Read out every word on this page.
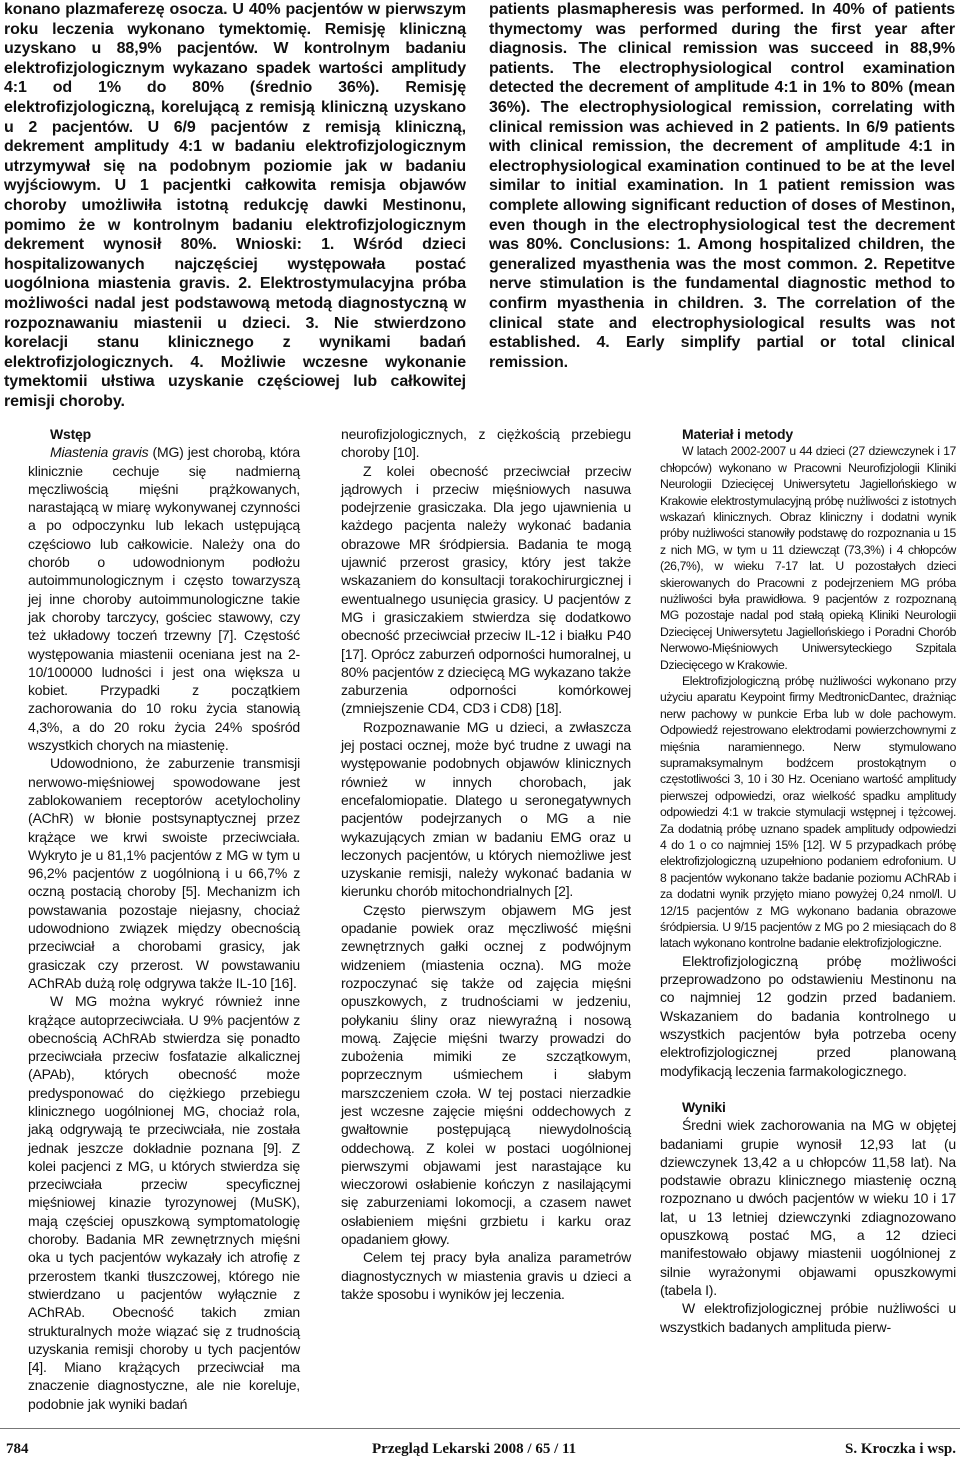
konano plazmaferezę osocza. U 40% pacjentów w pierwszym roku leczenia wykonano tymektomię. Remisję kliniczną uzyskano u 88,9% pacjentów. W kontrolnym badaniu elektrofizjologicznym wykazano spadek wartości amplitudy 4:1 od 1% do 80% (średnio 36%). Remisję elektrofizjologiczną, korelującą z remisją kliniczną uzyskano u 2 pacjentów. U 6/9 pacjentów z remisją kliniczną, dekrement amplitudy 4:1 w badaniu elektrofizjologicznym utrzymywał się na podobnym poziomie jak w badaniu wyjściowym. U 1 pacjentki całkowita remisja objawów choroby umożliwiła istotną redukcję dawki Mestinonu, pomimo że w kontrolnym badaniu elektrofizjologicznym dekrement wynosił 80%. Wnioski: 1. Wśród dzieci hospitalizowanych najczęściej występowała postać uogólniona miastenia gravis. 2. Elektrostymulacyjna próba możliwości nadal jest podstawową metodą diagnostyczną w rozpoznawaniu miastenii u dzieci. 3. Nie stwierdzono korelacji stanu klinicznego z wynikami badań elektrofizjologicznych. 4. Możliwie wczesne wykonanie tymektomii ułstiwa uzyskanie częściowej lub całkowitej remisji choroby.
patients plasmapheresis was performed. In 40% of patients thymectomy was performed during the first year after diagnosis. The clinical remission was succeed in 88,9% patients. The electrophysiological control examination detected the decrement of amplitude 4:1 in 1% to 80% (mean 36%). The electrophysiological remission, correlating with clinical remission was achieved in 2 patients. In 6/9 patients with clinical remission, the decrement of amplitude 4:1 in electrophysiological examination continued to be at the level similar to initial examination. In 1 patient remission was complete allowing significant reduction of doses of Mestinon, even though in the electrophysiological test the decrement was 80%. Conclusions: 1. Among hospitalized children, the generalized myasthenia was the most common. 2. Repetitve nerve stimulation is the fundamental diagnostic method to confirm myasthenia in children. 3. The correlation of the clinical state and electrophysiological results was not established. 4. Early simplify partial or total clinical remission.

Wstęp

Miastenia gravis (MG) jest chorobą, która klinicznie cechuje się nadmierną męczliwością mięśni prążkowanych, narastającą w miarę wykonywanej czynności a po odpoczynku lub lekach ustępującą częściowo lub całkowicie. Należy ona do chorób o udowodnionym podłożu autoimmunologicznym i często towarzyszą jej inne choroby autoimmunologiczne takie jak choroby tarczycy, gościec stawowy, czy też układowy toczeń trzewny [7]. Częstość występowania miastenii oceniana jest na 2-10/100000 ludności i jest ona większa u kobiet. Przypadki z początkiem zachorowania do 10 roku życia stanowią 4,3%, a do 20 roku życia 24% spośród wszystkich chorych na miastenię.

Udowodniono, że zaburzenie transmisji nerwowo-mięśniowej spowodowane jest zablokowaniem receptorów acetylocholiny (AChR) w błonie postsynaptycznej przez krążące we krwi swoiste przeciwciała. Wykryto je u 81,1% pacjentów z MG w tym u 96,2% pacjentów z uogólnioną i u 66,7% z oczną postacią choroby [5]. Mechanizm ich powstawania pozostaje niejasny, chociaż udowodniono związek między obecnością przeciwciał a chorobami grasicy, jak grasiczak czy przerost. W powstawaniu AChRAb dużą rolę odgrywa także IL-10 [16].

W MG można wykryć również inne krążące autoprzeciwciała. U 9% pacjentów z obecnością AChRAb stwierdza się ponadto przeciwciała przeciw fosfatazie alkalicznej (APAb), których obecność może predysponować do ciężkiego przebiegu klinicznego uogólnionej MG, chociaż rola, jaką odgrywają te przeciwciała, nie została jednak jeszcze dokładnie poznana [9]. Z kolei pacjenci z MG, u których stwierdza się przeciwciała przeciw specyficznej mięśniowej kinazie tyrozynowej (MuSK), mają częściej opuszkową symptomatologię choroby. Badania MR zewnętrznych mięśni oka u tych pacjentów wykazały ich atrofię z przerostem tkanki tłuszczowej, którego nie stwierdzano u pacjentów wyłącznie z AChRAb. Obecność takich zmian strukturalnych może wiązać się z trudnością uzyskania remisji choroby u tych pacjentów [4]. Miano krążących przeciwciał ma znaczenie diagnostyczne, ale nie koreluje, podobnie jak wyniki badań

neurofizjologicznych, z ciężkością przebiegu choroby [10].

Z kolei obecność przeciwciał przeciw jądrowych i przeciw mięśniowych nasuwa podejrzenie grasiczaka. Dla jego ujawnienia u każdego pacjenta należy wykonać badania obrazowe MR śródpiersia. Badania te mogą ujawnić przerost grasicy, który jest także wskazaniem do konsultacji torakochirurgicznej i ewentualnego usunięcia grasicy. U pacjentów z MG i grasiczakiem stwierdza się dodatkowo obecność przeciwciał przeciw IL-12 i białku P40 [17]. Oprócz zaburzeń odporności humoralnej, u 80% pacjentów z dziecięcą MG wykazano także zaburzenia odporności komórkowej (zmniejszenie CD4, CD3 i CD8) [18].

Rozpoznawanie MG u dzieci, a zwłaszcza jej postaci ocznej, może być trudne z uwagi na występowanie podobnych objawów klinicznych również w innych chorobach, jak encefalomiopatie. Dlatego u seronegatywnych pacjentów podejrzanych o MG a nie wykazujących zmian w badaniu EMG oraz u leczonych pacjentów, u których niemożliwe jest uzyskanie remisji, należy wykonać badania w kierunku chorób mitochondrialnych [2].

Często pierwszym objawem MG jest opadanie powiek oraz męczliwość mięśni zewnętrznych gałki ocznej z podwójnym widzeniem (miastenia oczna). MG może rozpoczynać się także od zajęcia mięśni opuszkowych, z trudnościami w jedzeniu, połykaniu śliny oraz niewyraźną i nosową mową. Zajęcie mięśni twarzy prowadzi do zubożenia mimiki ze szczątkowym, poprzecznym uśmiechem i słabym marszczeniem czoła. W tej postaci nierzadkie jest wczesne zajęcie mięśni oddechowych z gwałtownie postępującą niewydolnością oddechową. Z kolei w postaci uogólnionej pierwszymi objawami jest narastające ku wieczorowi osłabienie kończyn z nasilającymi się zaburzeniami lokomocji, a czasem nawet osłabieniem mięśni grzbietu i karku oraz opadaniem głowy.

Celem tej pracy była analiza parametrów diagnostycznych w miastenia gravis u dzieci a także sposobu i wyników jej leczenia.

Materiał i metody

W latach 2002-2007 u 44 dzieci (27 dziewczynek i 17 chłopców) wykonano w Pracowni Neurofizjologii Kliniki Neurologii Dziecięcej Uniwersytetu Jagiellońskiego w Krakowie elektrostymulacyjną próbę nużliwości z istotnych wskazań klinicznych. Obraz kliniczny i dodatni wynik próby nużliwości stanowiły podstawę do rozpoznania u 15 z nich MG, w tym u 11 dziewcząt (73,3%) i 4 chłopców (26,7%), w wieku 7-17 lat. U pozostałych dzieci skierowanych do Pracowni z podejrzeniem MG próba nużliwości była prawidłowa. 9 pacjentów z rozpoznaną MG pozostaje nadal pod stałą opieką Kliniki Neurologii Dziecięcej Uniwersytetu Jagiellońskiego i Poradni Chorób Nerwowo-Mięśniowych Uniwersyteckiego Szpitala Dziecięcego w Krakowie.

Elektrofizjologiczną próbę nużliwości wykonano przy użyciu aparatu Keypoint firmy MedtronicDantec, drażniąc nerw pachowy w punkcie Erba lub w dole pachowym. Odpowiedź rejestrowano elektrodami powierzchownymi z mięśnia naramiennego. Nerw stymulowano supramaksymalnym bodźcem prostokątnym o częstotliwości 3, 10 i 30 Hz. Oceniano wartość amplitudy pierwszej odpowiedzi, oraz wielkość spadku amplitudy odpowiedzi 4:1 w trakcie stymulacji wstępnej i tężcowej. Za dodatnią próbę uznano spadek amplitudy odpowiedzi 4 do 1 o co najmniej 15% [12]. W 5 przypadkach próbę elektrofizjologiczną uzupełniono podaniem edrofonium. U 8 pacjentów wykonano także badanie poziomu AChRAb i za dodatni wynik przyjęto miano powyżej 0,24 nmol/l. U 12/15 pacjentów z MG wykonano badania obrazowe śródpiersia. U 9/15 pacjentów z MG po 2 miesiącach do 8 latach wykonano kontrolne badanie elektrofizjologiczne.

Elektrofizjologiczną próbę możliwości przeprowadzono po odstawieniu Mestinonu na co najmniej 12 godzin przed badaniem. Wskazaniem do badania kontrolnego u wszystkich pacjentów była potrzeba oceny elektrofizjologicznej przed planowaną modyfikacją leczenia farmakologicznego.

Wyniki

Średni wiek zachorowania na MG w objętej badaniami grupie wynosił 12,93 lat (u dziewczynek 13,42 a u chłopców 11,58 lat). Na podstawie obrazu klinicznego miastenię oczną rozpoznano u dwóch pacjentów w wieku 10 i 17 lat, u 13 letniej dziewczynki zdiagnozowano opuszkową postać MG, a 12 dzieci manifestowało objawy miastenii uogólnionej z silnie wyrażonymi objawami opuszkowymi (tabela I).

W elektrofizjologicznej próbie nużliwości u wszystkich badanych amplituda pierw-

784	Przegląd Lekarski 2008 / 65 / 11	S. Kroczka i wsp.
